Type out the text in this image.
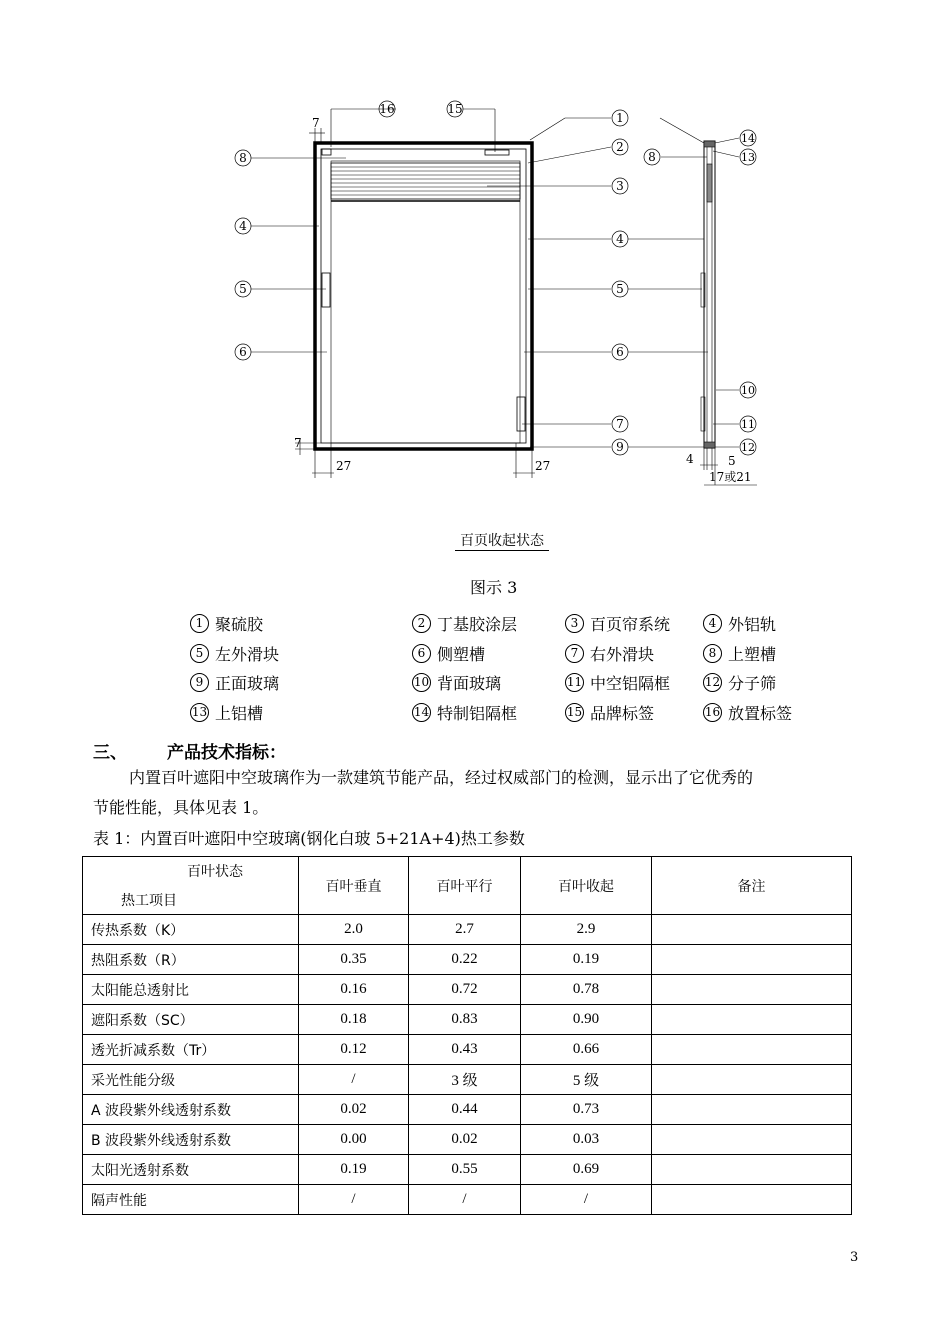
16	15
1
2
3
4
5
6
7
9
8
4
5
6
8
14
13
10
11
12
7
7
27	27	4	5
17或21
百页收起状态
图示 3
1 聚硫胶	2 丁基胶涂层	3 百页帘系统	4 外铝轨
5 左外滑块	6 侧塑槽	7 右外滑块	8 上塑槽
9 正面玻璃	10 背面玻璃	11 中空铝隔框	12 分子筛
13 上铝槽	14 特制铝隔框	15 品牌标签	16 放置标签
三、 产品技术指标：
内置百叶遮阳中空玻璃作为一款建筑节能产品，经过权威部门的检测，显示出了它优秀的
节能性能，具体见表 1。
表 1：内置百叶遮阳中空玻璃(钢化白玻 5+21A+4)热工参数
百叶状态
热工项目	百叶垂直	百叶平行	百叶收起	备注
传热系数（K）	2.0	2.7	2.9	
热阻系数（R）	0.35	0.22	0.19	
太阳能总透射比	0.16	0.72	0.78	
遮阳系数（SC）	0.18	0.83	0.90	
透光折减系数（Tr）	0.12	0.43	0.66	
采光性能分级	/	3 级	5 级	
A 波段紫外线透射系数	0.02	0.44	0.73	
B 波段紫外线透射系数	0.00	0.02	0.03	
太阳光透射系数	0.19	0.55	0.69	
隔声性能	/	/	/	
3
